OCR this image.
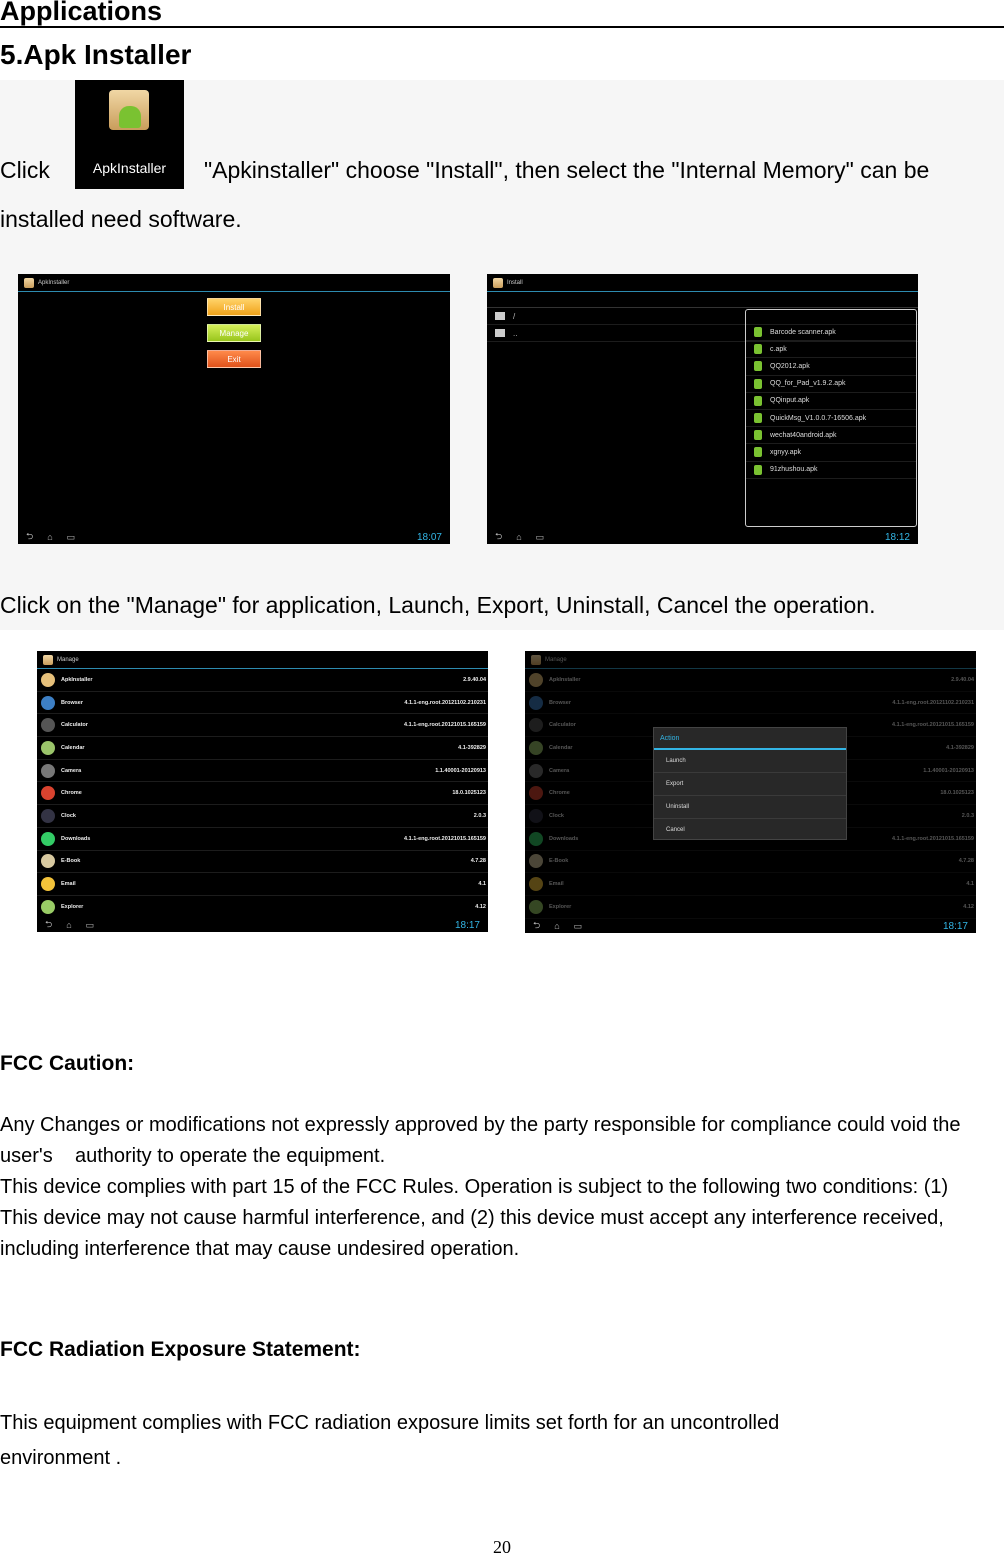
Applications
5.Apk Installer
Click	ApkInstaller	"Apkinstaller" choose "Install", then select the "Internal Memory" can be
installed need software.
ApkInstaller
Install
Manage
Exit
⮌ ⌂ ▭	18:07
Install
/
..	Barcode scanner.apk
c.apk
QQ2012.apk
QQ_for_Pad_v1.9.2.apk
QQinput.apk
QuickMsg_V1.0.0.7-16506.apk
wechat40android.apk
xgnyy.apk
91zhushou.apk
⮌ ⌂ ▭	18:12
Click on the "Manage" for application, Launch, Export, Uninstall, Cancel the operation.
Manage
ApkInstaller	2.9.40.04
Browser	4.1.1-eng.root.20121102.210231
Calculator	4.1.1-eng.root.20121015.165159
Calendar	4.1-392829
Camera	1.1.40001-20120913
Chrome	18.0.1025123
Clock	2.0.3
Downloads	4.1.1-eng.root.20121015.165159
E-Book	4.7.28
Email	4.1
Explorer	4.12
⮌ ⌂ ▭	18:17
Manage
ApkInstaller	2.9.40.04
Browser	4.1.1-eng.root.20121102.210231
Calculator	4.1.1-eng.root.20121015.165159
Calendar	4.1-392829
Camera	1.1.40001-20120913
Chrome	18.0.1025123
Clock	2.0.3
Downloads	4.1.1-eng.root.20121015.165159
E-Book	4.7.28
Email	4.1
Explorer	4.12
Action
Launch
Export
Uninstall
Cancel
⮌ ⌂ ▭	18:17
FCC Caution:
Any Changes or modifications not expressly approved by the party responsible for compliance could void the
user's    authority to operate the equipment.
This device complies with part 15 of the FCC Rules. Operation is subject to the following two conditions: (1)
This device may not cause harmful interference, and (2) this device must accept any interference received,
including interference that may cause undesired operation.
FCC Radiation Exposure Statement:
This equipment complies with FCC radiation exposure limits set forth for an uncontrolled
environment .
20
